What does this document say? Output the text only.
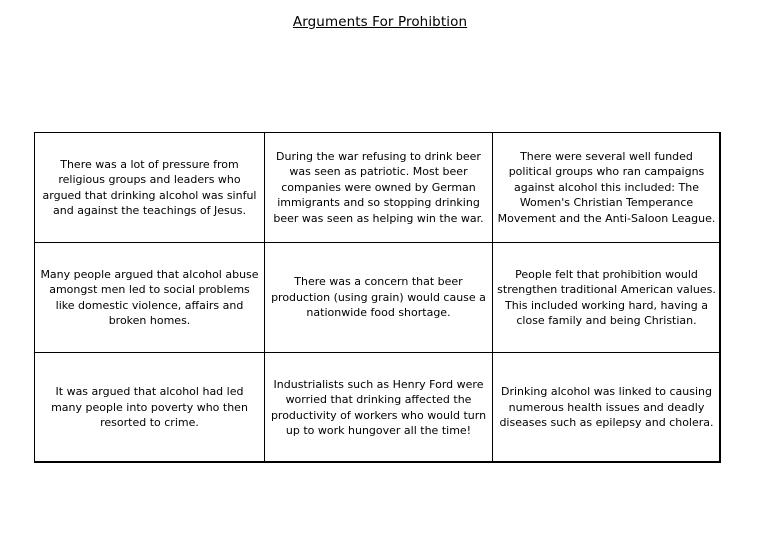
Arguments For Prohibtion
There was a lot of pressure from religious groups and leaders who argued that drinking alcohol was sinful and against the teachings of Jesus.
During the war refusing to drink beer was seen as patriotic. Most beer companies were owned by German immigrants and so stopping drinking beer was seen as helping win the war.
There were several well funded political groups who ran campaigns against alcohol this included: The Women's Christian Temperance Movement and the Anti-Saloon League.
Many people argued that alcohol abuse amongst men led to social problems like domestic violence, affairs and broken homes.
There was a concern that beer production (using grain) would cause a nationwide food shortage.
People felt that prohibition would strengthen traditional American values. This included working hard, having a close family and being Christian.
It was argued that alcohol had led many people into poverty who then resorted to crime.
Industrialists such as Henry Ford were worried that drinking affected the productivity of workers who would turn up to work hungover all the time!
Drinking alcohol was linked to causing numerous health issues and deadly diseases such as epilepsy and cholera.
